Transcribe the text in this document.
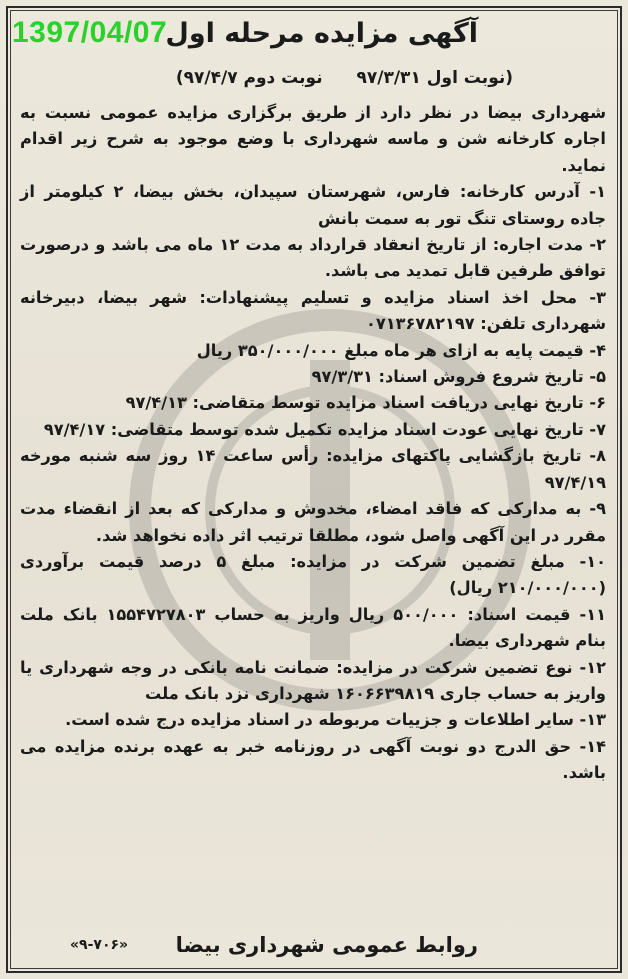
1397/04/07
آگهی مزایده مرحله اول
(نوبت اول ۹۷/۳/۳۱ نوبت دوم ۹۷/۴/۷)

شهرداری بیضا در نظر دارد از طریق برگزاری مزایده عمومی نسبت به اجاره کارخانه شن و ماسه شهرداری با وضع موجود به شرح زیر اقدام نماید.

۱- آدرس کارخانه: فارس، شهرستان سپیدان، بخش بیضا، ۲ کیلومتر از جاده روستای تنگ تور به سمت بانش

۲- مدت اجاره: از تاریخ انعقاد قرارداد به مدت ۱۲ ماه می باشد و درصورت توافق طرفین قابل تمدید می باشد.

۳- محل اخذ اسناد مزایده و تسلیم پیشنهادات: شهر بیضا، دبیرخانه شهرداری تلفن: ۰۷۱۳۶۷۸۲۱۹۷

۴- قیمت پایه به ازای هر ماه مبلغ ۳۵۰/۰۰۰/۰۰۰ ریال

۵- تاریخ شروع فروش اسناد: ۹۷/۳/۳۱

۶- تاریخ نهایی دریافت اسناد مزایده توسط متقاضی: ۹۷/۴/۱۳

۷- تاریخ نهایی عودت اسناد مزایده تکمیل شده توسط متقاضی: ۹۷/۴/۱۷

۸- تاریخ بازگشایی پاکتهای مزایده: رأس ساعت ۱۴ روز سه شنبه مورخه ۹۷/۴/۱۹

۹- به مدارکی که فاقد امضاء، مخدوش و مدارکی که بعد از انقضاء مدت مقرر در این آگهی واصل شود، مطلقا ترتیب اثر داده نخواهد شد.

۱۰- مبلغ تضمین شرکت در مزایده: مبلغ ۵ درصد قیمت برآوردی (۲۱۰/۰۰۰/۰۰۰ ریال)

۱۱- قیمت اسناد: ۵۰۰/۰۰۰ ریال واریز به حساب ۱۵۵۴۷۲۷۸۰۳ بانک ملت بنام شهرداری بیضا.

۱۲- نوع تضمین شرکت در مزایده: ضمانت نامه بانکی در وجه شهرداری یا واریز به حساب جاری ۱۶۰۶۶۳۹۸۱۹ شهرداری نزد بانک ملت

۱۳- سایر اطلاعات و جزییات مربوطه در اسناد مزایده درج شده است.

۱۴- حق الدرج دو نوبت آگهی در روزنامه خبر به عهده برنده مزایده می باشد.

روابط عمومی شهرداری بیضا
«۹-۷۰۶»
